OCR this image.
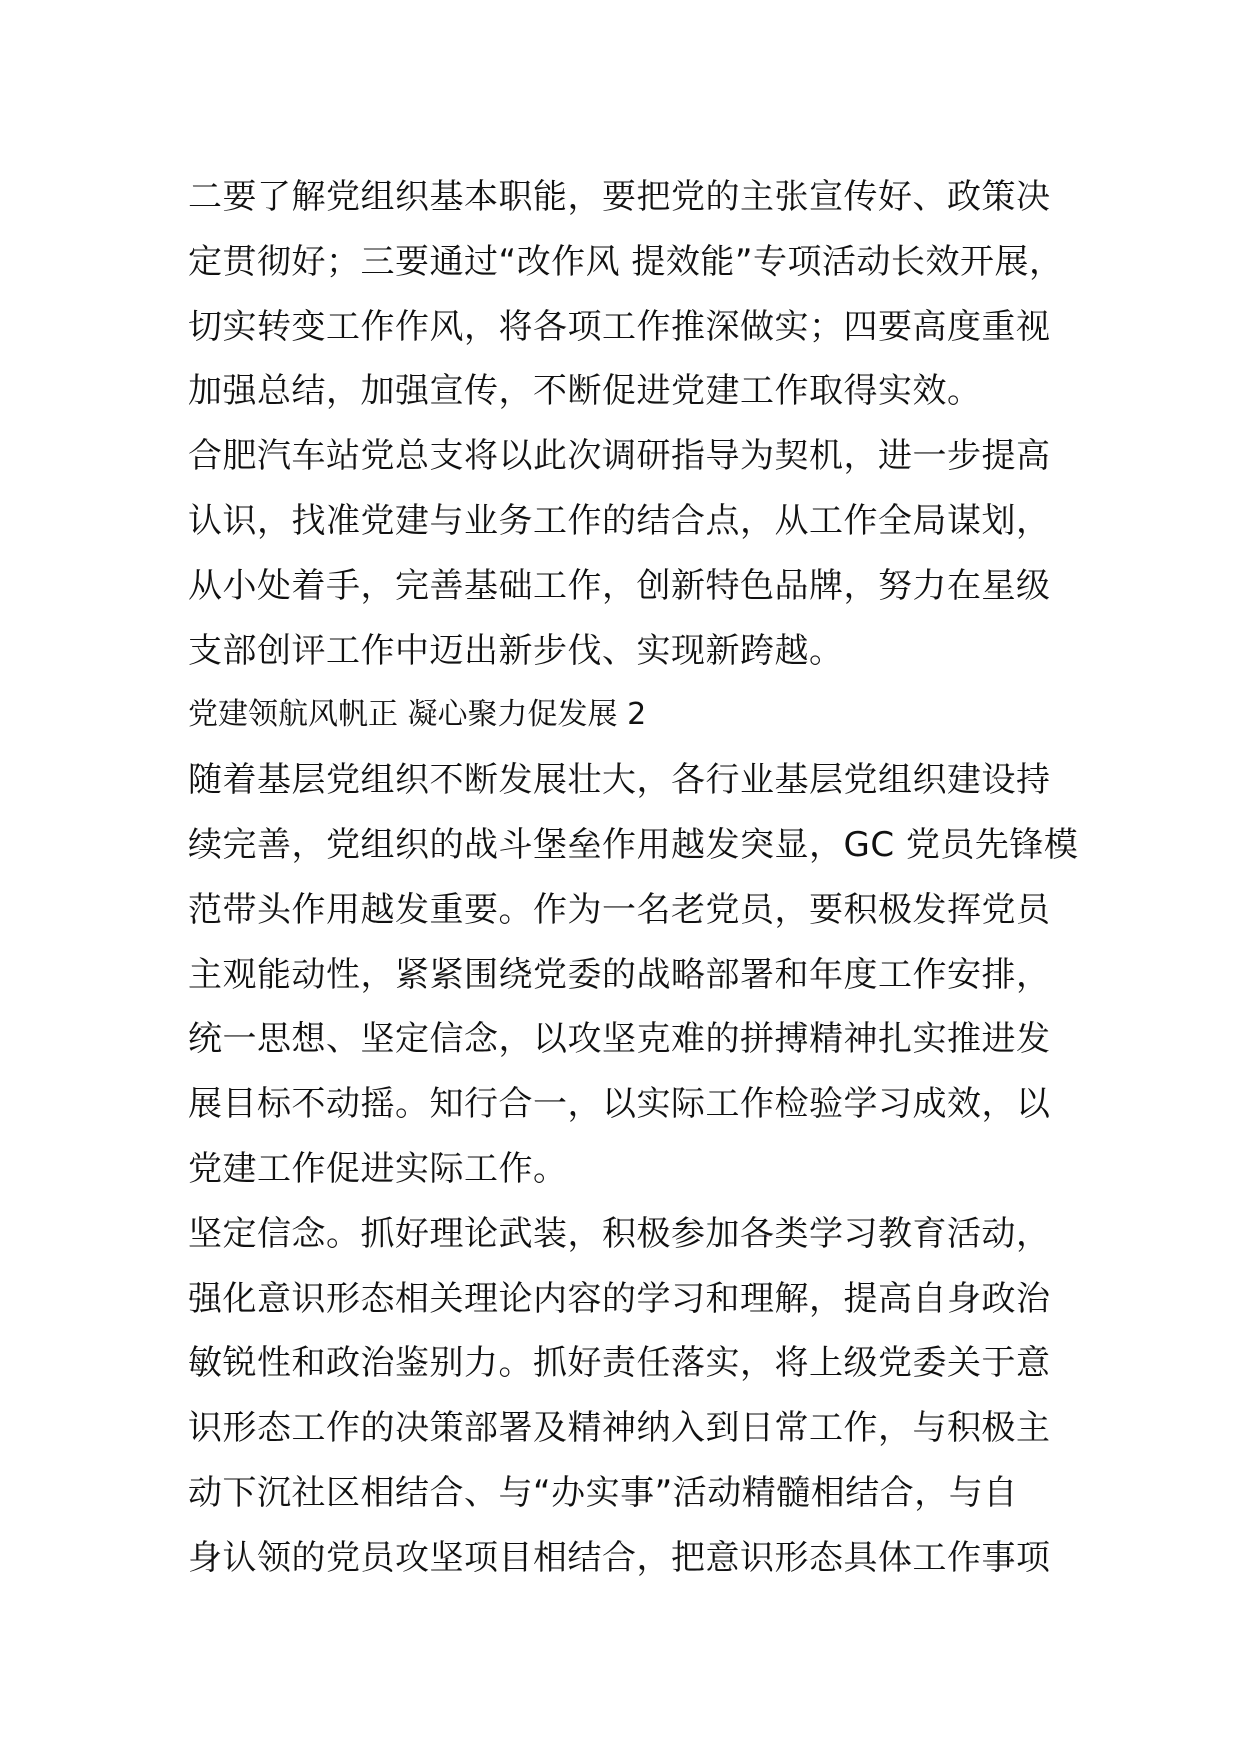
二要了解党组织基本职能，要把党的主张宣传好、政策决
定贯彻好；三要通过“改作风 提效能”专项活动长效开展，
切实转变工作作风，将各项工作推深做实；四要高度重视
加强总结，加强宣传，不断促进党建工作取得实效。

合肥汽车站党总支将以此次调研指导为契机，进一步提高
认识，找准党建与业务工作的结合点，从工作全局谋划，
从小处着手，完善基础工作，创新特色品牌，努力在星级
支部创评工作中迈出新步伐、实现新跨越。

党建领航风帆正 凝心聚力促发展 2

随着基层党组织不断发展壮大，各行业基层党组织建设持
续完善，党组织的战斗堡垒作用越发突显，GC 党员先锋模
范带头作用越发重要。作为一名老党员，要积极发挥党员
主观能动性，紧紧围绕党委的战略部署和年度工作安排，
统一思想、坚定信念，以攻坚克难的拼搏精神扎实推进发
展目标不动摇。知行合一，以实际工作检验学习成效，以
党建工作促进实际工作。

坚定信念。抓好理论武装，积极参加各类学习教育活动，
强化意识形态相关理论内容的学习和理解，提高自身政治
敏锐性和政治鉴别力。抓好责任落实，将上级党委关于意
识形态工作的决策部署及精神纳入到日常工作，与积极主
动下沉社区相结合、与“办实事”活动精髓相结合，与自
身认领的党员攻坚项目相结合，把意识形态具体工作事项
